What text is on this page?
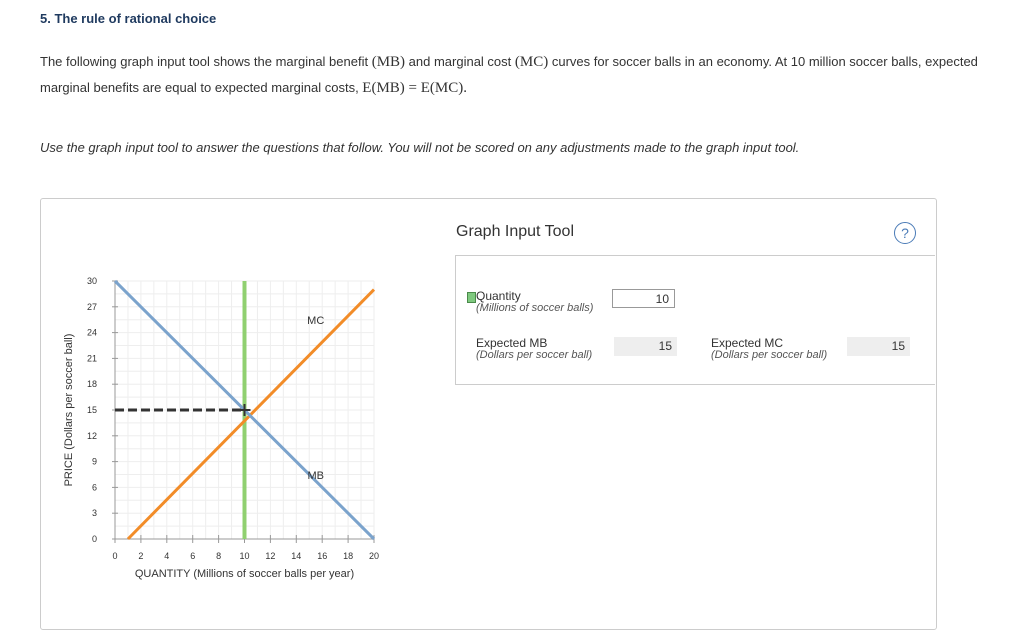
5. The rule of rational choice
The following graph input tool shows the marginal benefit (MB) and marginal cost (MC) curves for soccer balls in an economy. At 10 million soccer balls, expected marginal benefits are equal to expected marginal costs, E(MB) = E(MC).
Use the graph input tool to answer the questions that follow. You will not be scored on any adjustments made to the graph input tool.
0
3
6
9
12
15
18
21
24
27
30
0 2 4 6 8 10 12 14 16 18 20
QUANTITY (Millions of soccer balls per year)
PRICE (Dollars per soccer ball)
MC
MB
Graph Input Tool	?
Quantity
(Millions of soccer balls)
10
Expected MB
(Dollars per soccer ball)
15	Expected MC
(Dollars per soccer ball)
15
